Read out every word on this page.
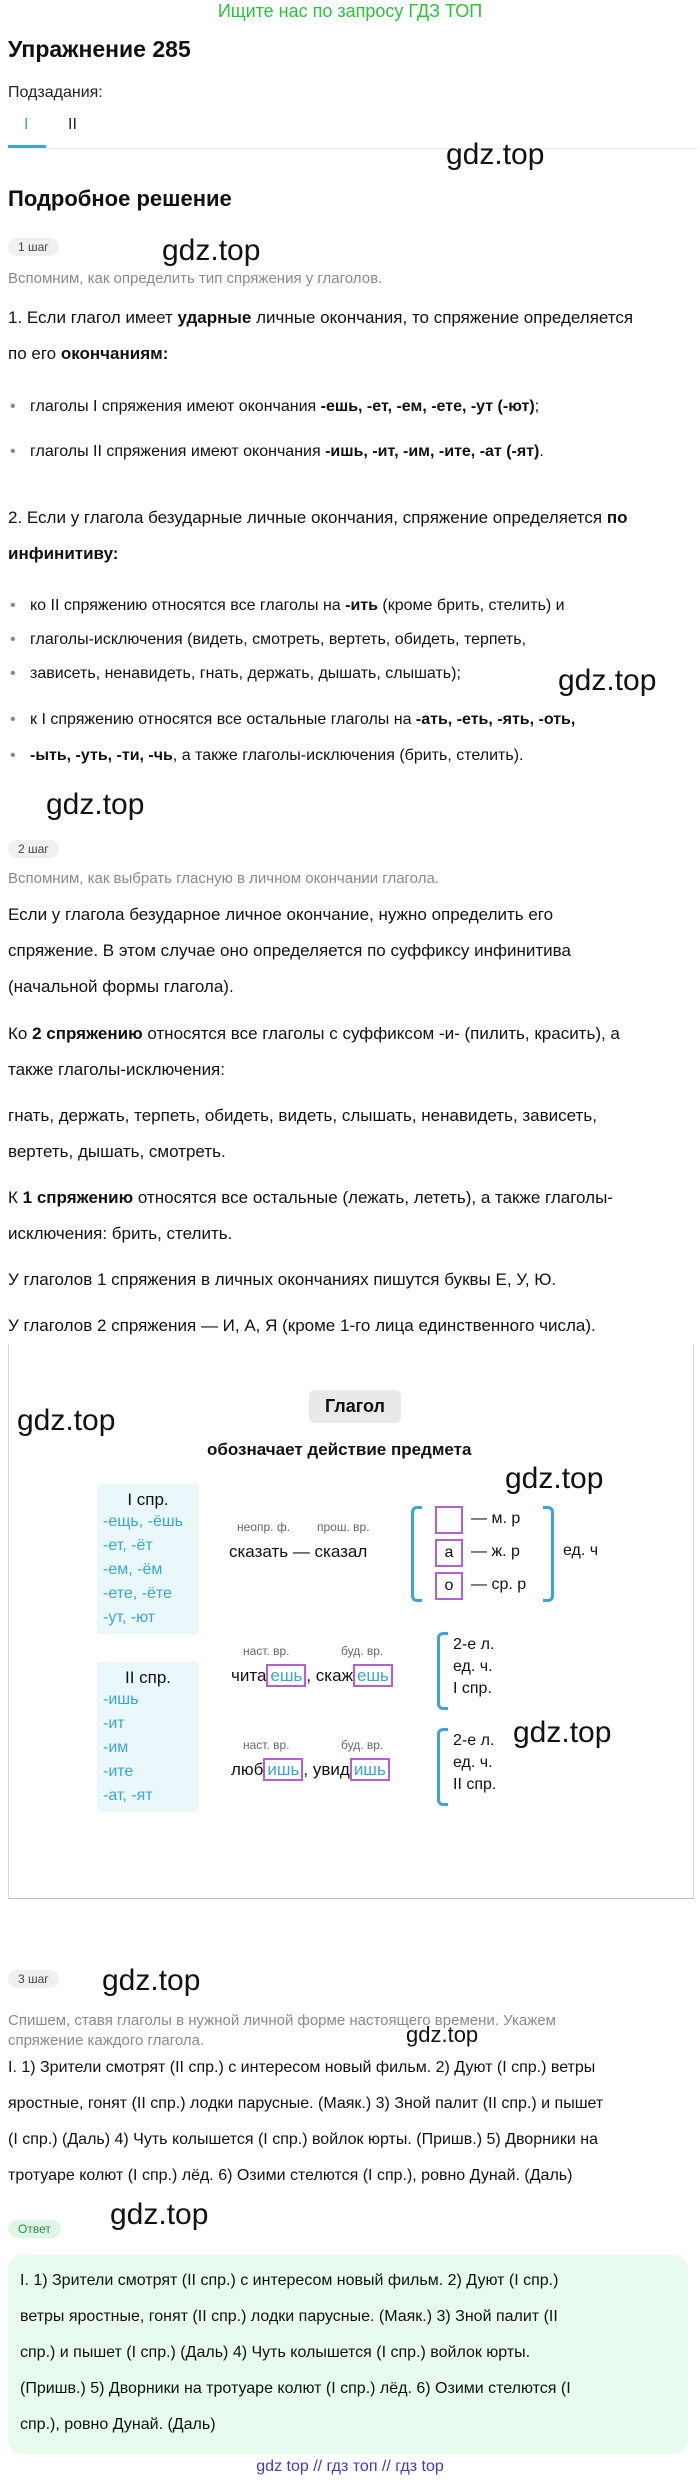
Ищите нас по запросу ГДЗ ТОП
Упражнение 285
Подзадания:
I II
gdz.top
Подробное решение
1 шаг	gdz.top
Вспомним, как определить тип спряжения у глаголов.
1. Если глагол имеет ударные личные окончания, то спряжение определяется
по его окончаниям:
• глаголы I спряжения имеют окончания -ешь, -ет, -ем, -ете, -ут (-ют);
• глаголы II спряжения имеют окончания -ишь, -ит, -им, -ите, -ат (-ят).
2. Если у глагола безударные личные окончания, спряжение определяется по
инфинитиву:
• ко II спряжению относятся все глаголы на -ить (кроме брить, стелить) и
• глаголы-исключения (видеть, смотреть, вертеть, обидеть, терпеть,
• зависеть, ненавидеть, гнать, держать, дышать, слышать);	gdz.top
• к I спряжению относятся все остальные глаголы на -ать, -еть, -ять, -оть,
• -ыть, -уть, -ти, -чь, а также глаголы-исключения (брить, стелить).
gdz.top
2 шаг
Вспомним, как выбрать гласную в личном окончании глагола.
Если у глагола безударное личное окончание, нужно определить его
спряжение. В этом случае оно определяется по суффиксу инфинитива
(начальной формы глагола).
Ко 2 спряжению относятся все глаголы с суффиксом -и- (пилить, красить), а
также глаголы-исключения:
гнать, держать, терпеть, обидеть, видеть, слышать, ненавидеть, зависеть,
вертеть, дышать, смотреть.
К 1 спряжению относятся все остальные (лежать, лететь), а также глаголы-
исключения: брить, стелить.
У глаголов 1 спряжения в личных окончаниях пишутся буквы Е, У, Ю.
У глаголов 2 спряжения — И, А, Я (кроме 1-го лица единственного числа).
gdz.top	Глагол
обозначает действие предмета
gdz.top
I спр.
-ещь, -ёшь
-ет, -ёт
-ем, -ём
-ете, -ёте
-ут, -ют
неопр. ф. прош. вр.
сказать — сказал	а
о
— м. р
— ж. р
— ср. р
ед. ч
II спр.
-ишь
-ит
-им
-ите
-ат, -ят
наст. вр.	буд. вр.
чита ешь , скаж ешь
2-е л.
ед. ч.
I спр.
наст. вр.	буд. вр.
люб ишь , увид ишь
2-е л.
ед. ч.
II спр.
gdz.top
3 шаг	gdz.top
Спишем, ставя глаголы в нужной личной форме настоящего времени. Укажем
спряжение каждого глагола.	gdz.top
I. 1) Зрители смотрят (II спр.) с интересом новый фильм. 2) Дуют (I спр.) ветры
яростные, гонят (II спр.) лодки парусные. (Маяк.) 3) Зной палит (II спр.) и пышет
(I спр.) (Даль) 4) Чуть колышется (I спр.) войлок юрты. (Пришв.) 5) Дворники на
тротуаре колют (I спр.) лёд. 6) Озими стелются (I спр.), ровно Дунай. (Даль)
Ответ	gdz.top
I. 1) Зрители смотрят (II спр.) с интересом новый фильм. 2) Дуют (I спр.)
ветры яростные, гонят (II спр.) лодки парусные. (Маяк.) 3) Зной палит (II
спр.) и пышет (I спр.) (Даль) 4) Чуть колышется (I спр.) войлок юрты.
(Пришв.) 5) Дворники на тротуаре колют (I спр.) лёд. 6) Озими стелются (I
спр.), ровно Дунай. (Даль)
gdz top // гдз топ // гдз top
